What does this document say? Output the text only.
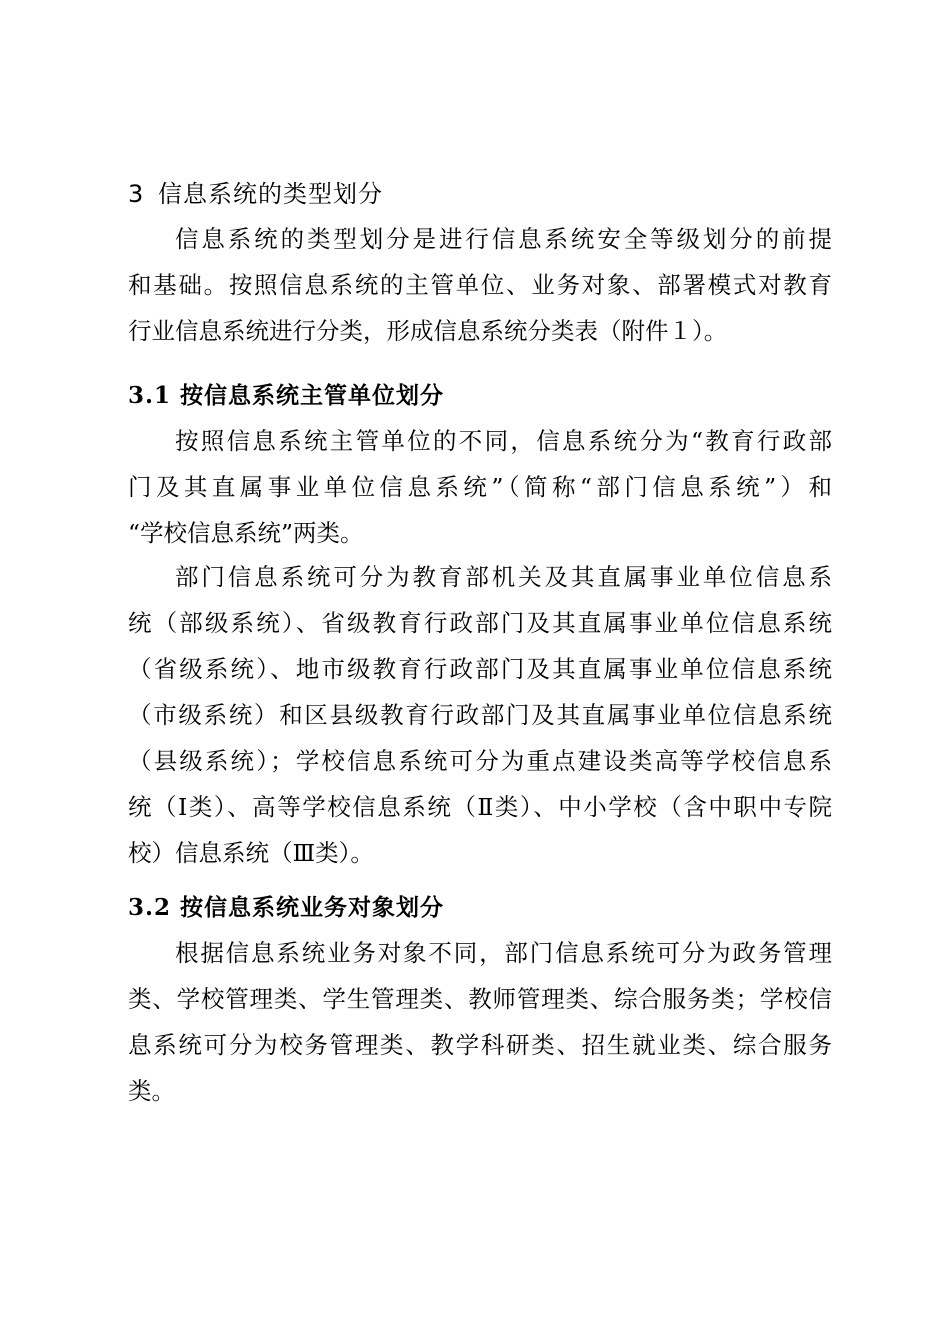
3 信息系统的类型划分
信息系统的类型划分是进行信息系统安全等级划分的前提
和基础。按照信息系统的主管单位、业务对象、部署模式对教育
行业信息系统进行分类，形成信息系统分类表（附件１）。
3.1 按信息系统主管单位划分
按照信息系统主管单位的不同，信息系统分为“教育行政部
门及其直属事业单位信息系统”（简称“部门信息系统”）和
“学校信息系统”两类。
部门信息系统可分为教育部机关及其直属事业单位信息系
统（部级系统）、省级教育行政部门及其直属事业单位信息系统
（省级系统）、地市级教育行政部门及其直属事业单位信息系统
（市级系统）和区县级教育行政部门及其直属事业单位信息系统
（县级系统）；学校信息系统可分为重点建设类高等学校信息系
统（Ⅰ类）、高等学校信息系统（Ⅱ类）、中小学校（含中职中专院
校）信息系统（Ⅲ类）。
3.2 按信息系统业务对象划分
根据信息系统业务对象不同，部门信息系统可分为政务管理
类、学校管理类、学生管理类、教师管理类、综合服务类；学校信
息系统可分为校务管理类、教学科研类、招生就业类、综合服务
类。
